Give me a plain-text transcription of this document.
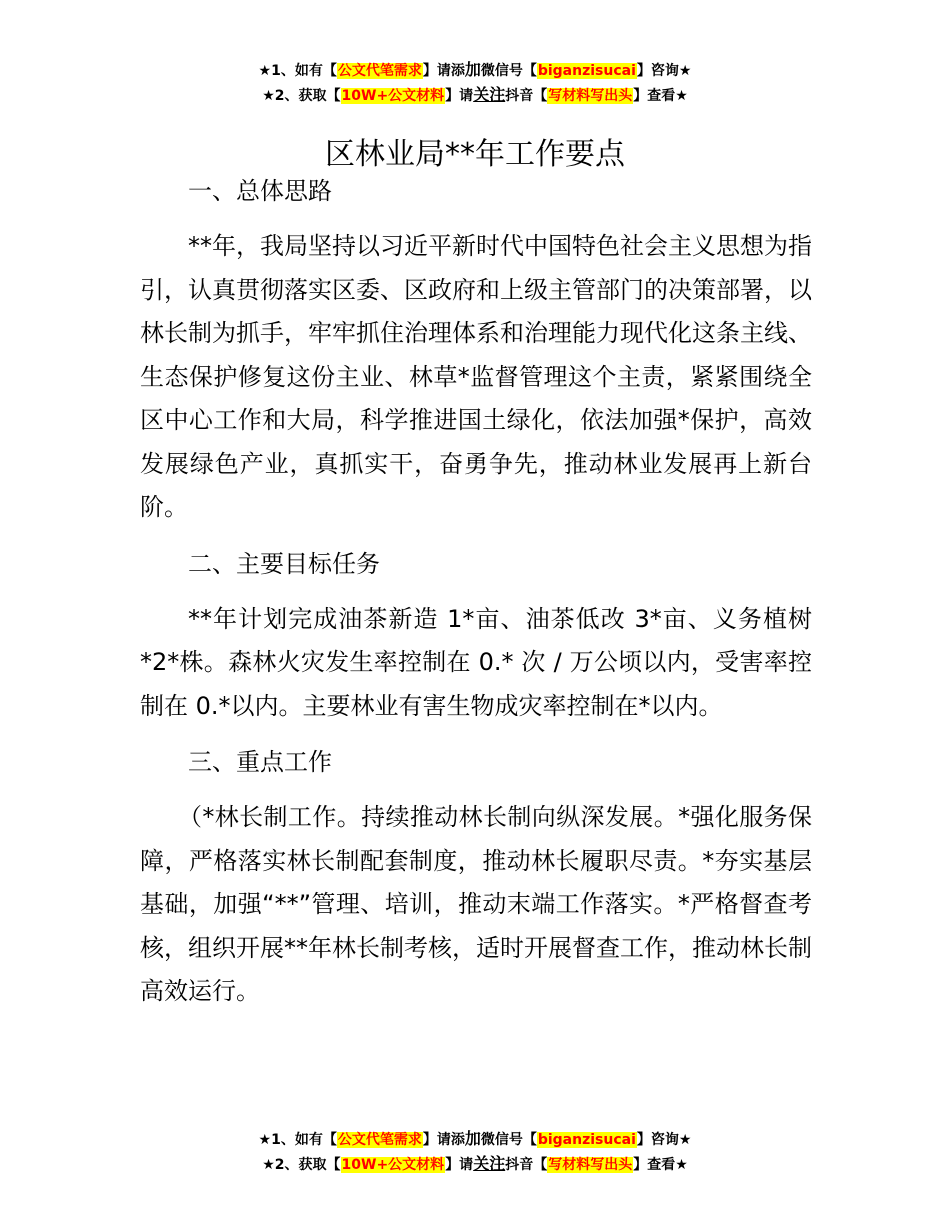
★1、如有【公文代笔需求】请添加微信号【biganzisucai】咨询★
★2、获取【10W+公文材料】请关注抖音【写材料写出头】查看★
区林业局**年工作要点

一、总体思路

**年，我局坚持以习近平新时代中国特色社会主义思想为指引，认真贯彻落实区委、区政府和上级主管部门的决策部署，以林长制为抓手，牢牢抓住治理体系和治理能力现代化这条主线、生态保护修复这份主业、林草*监督管理这个主责，紧紧围绕全区中心工作和大局，科学推进国土绿化，依法加强*保护，高效发展绿色产业，真抓实干，奋勇争先，推动林业发展再上新台阶。

二、主要目标任务

**年计划完成油茶新造 1*亩、油茶低改 3*亩、义务植树 *2*株。森林火灾发生率控制在 0.* 次 / 万公顷以内，受害率控制在 0.*以内。主要林业有害生物成灾率控制在*以内。

三、重点工作

（*林长制工作。持续推动林长制向纵深发展。*强化服务保障，严格落实林长制配套制度，推动林长履职尽责。*夯实基层基础，加强“**”管理、培训，推动末端工作落实。*严格督查考核，组织开展**年林长制考核，适时开展督查工作，推动林长制高效运行。

★1、如有【公文代笔需求】请添加微信号【biganzisucai】咨询★
★2、获取【10W+公文材料】请关注抖音【写材料写出头】查看★
